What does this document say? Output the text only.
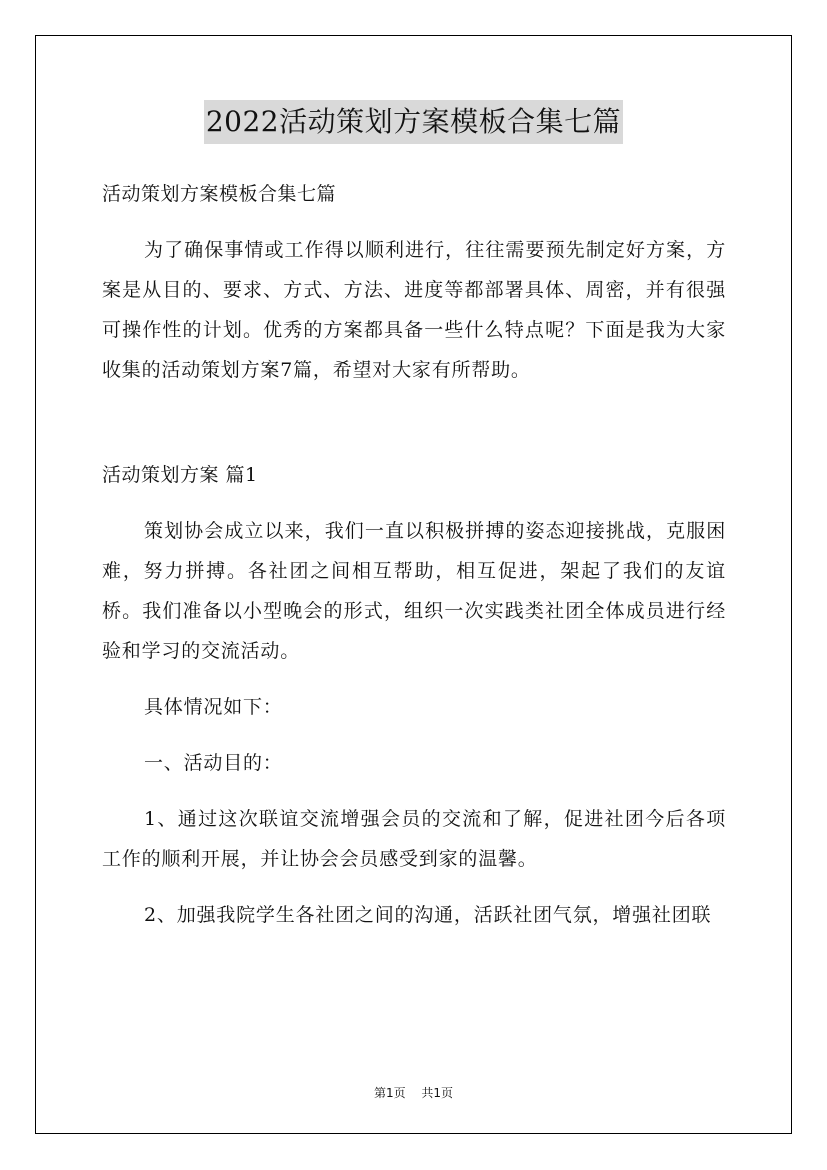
2022活动策划方案模板合集七篇

活动策划方案模板合集七篇

为了确保事情或工作得以顺利进行，往往需要预先制定好方案，方案是从目的、要求、方式、方法、进度等都部署具体、周密，并有很强可操作性的计划。优秀的方案都具备一些什么特点呢？下面是我为大家收集的活动策划方案7篇，希望对大家有所帮助。

活动策划方案 篇1

策划协会成立以来，我们一直以积极拼搏的姿态迎接挑战，克服困难，努力拼搏。各社团之间相互帮助，相互促进，架起了我们的友谊桥。我们准备以小型晚会的形式，组织一次实践类社团全体成员进行经验和学习的交流活动。

具体情况如下：

一、活动目的：

1、通过这次联谊交流增强会员的交流和了解，促进社团今后各项工作的顺利开展，并让协会会员感受到家的温馨。

2、加强我院学生各社团之间的沟通，活跃社团气氛，增强社团联

第1页 共1页
